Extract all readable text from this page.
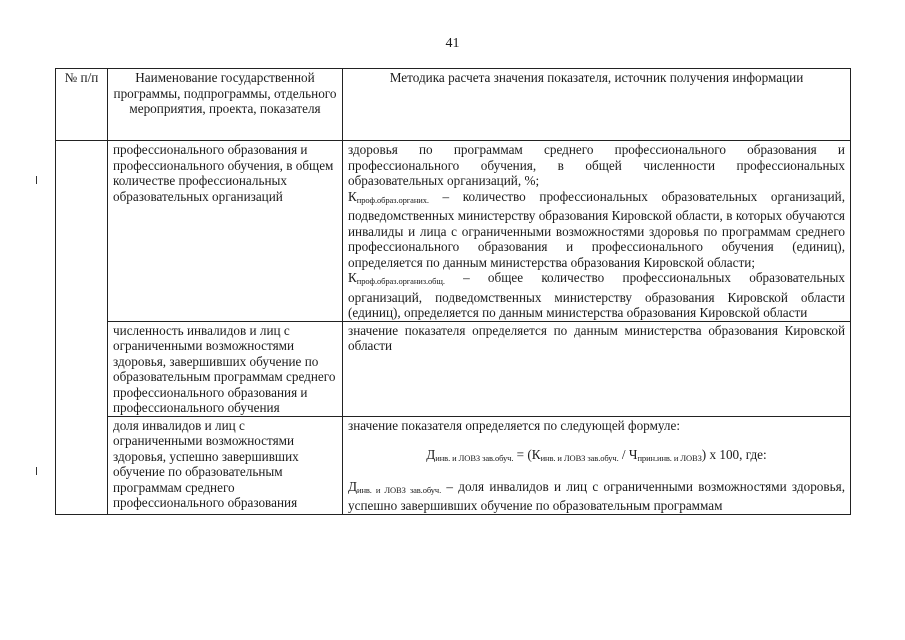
41
№ п/п	Наименование государственной программы, подпрограммы, отдельного мероприятия, проекта, показателя	Методика расчета значения показателя, источник получения информации

	профессионального образования и профессионального обучения, в общем количестве профессиональных образовательных организаций	здоровья по программам среднего профессионального образования и профессионального обучения, в общей численности профессиональных образовательных организаций, %;

$К_{проф.образ.органиx.}$ – количество профессиональных образовательных организаций, подведомственных министерству образования Кировской области, в которых обучаются инвалиды и лица с ограниченными возможностями здоровья по программам среднего профессионального образования и профессионального обучения (единиц), определяется по данным министерства образования Кировской области;

$К_{проф.образ.организ.общ.}$ – общее количество профессиональных образовательных организаций, подведомственных министерству образования Кировской области (единиц), определяется по данным министерства образования Кировской области

	численность инвалидов и лиц с ограниченными возможностями здоровья, завершивших обучение по образовательным программам среднего профессионального образования и профессионального обучения	значение показателя определяется по данным министерства образования Кировской области

	доля инвалидов и лиц с ограниченными возможностями здоровья, успешно завершивших обучение по образовательным программам среднего профессионального образования	значение показателя определяется по следующей формуле:

$Д_{инв. и ЛОВЗ зав.обуч.} = (К_{инв. и ЛОВЗ зав.обуч.} / Ч_{прин.инв. и ЛОВЗ})$ х 100, где:

$Д_{инв. и ЛОВЗ зав.обуч.}$ – доля инвалидов и лиц с ограниченными возможностями здоровья, успешно завершивших обучение по образовательным программам
